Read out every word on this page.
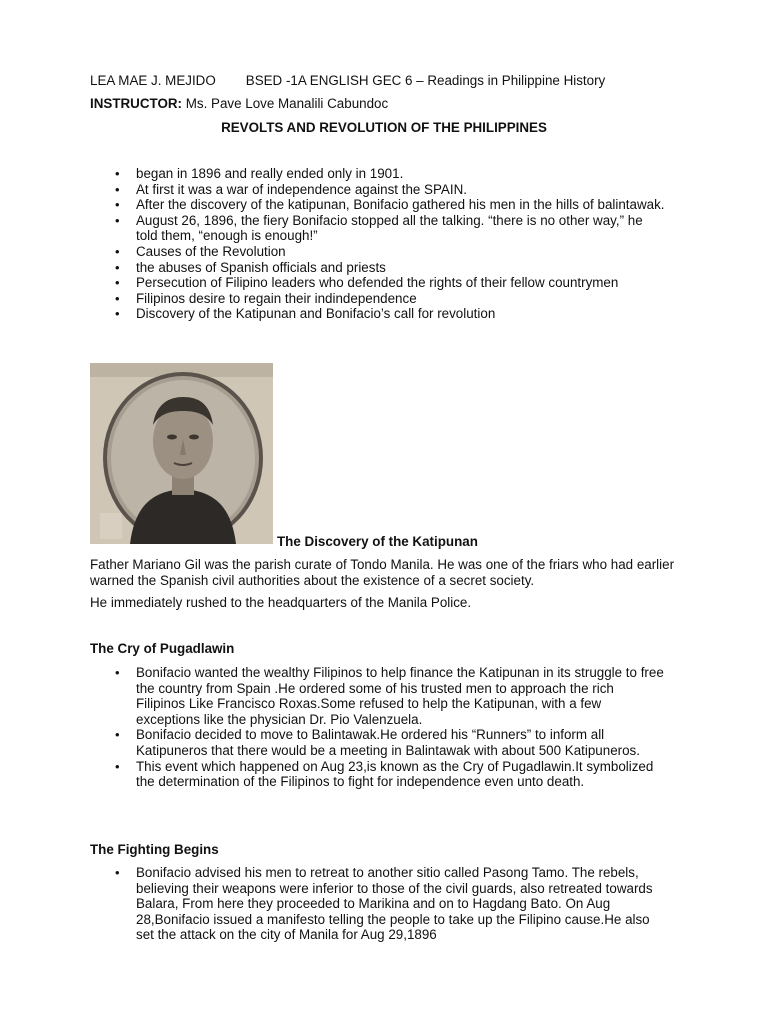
LEA MAE J. MEJIDO BSED -1A ENGLISH GEC 6 – Readings in Philippine History
INSTRUCTOR: Ms. Pave Love Manalili Cabundoc
REVOLTS AND REVOLUTION OF THE PHILIPPINES
• began in 1896 and really ended only in 1901.
• At first it was a war of independence against the SPAIN.
• After the discovery of the katipunan, Bonifacio gathered his men in the hills of balintawak.
• August 26, 1896, the fiery Bonifacio stopped all the talking. “there is no other way,” he told them, “enough is enough!”
• Causes of the Revolution
• the abuses of Spanish officials and priests
• Persecution of Filipino leaders who defended the rights of their fellow countrymen
• Filipinos desire to regain their indindependence
• Discovery of the Katipunan and Bonifacio’s call for revolution
The Discovery of the Katipunan
Father Mariano Gil was the parish curate of Tondo Manila. He was one of the friars who had earlier warned the Spanish civil authorities about the existence of a secret society.
He immediately rushed to the headquarters of the Manila Police.
The Cry of Pugadlawin
• Bonifacio wanted the wealthy Filipinos to help finance the Katipunan in its struggle to free the country from Spain .He ordered some of his trusted men to approach the rich Filipinos Like Francisco Roxas.Some refused to help the Katipunan, with a few exceptions like the physician Dr. Pio Valenzuela.
• Bonifacio decided to move to Balintawak.He ordered his “Runners” to inform all Katipuneros that there would be a meeting in Balintawak with about 500 Katipuneros.
• This event which happened on Aug 23,is known as the Cry of Pugadlawin.It symbolized the determination of the Filipinos to fight for independence even unto death.
The Fighting Begins
• Bonifacio advised his men to retreat to another sitio called Pasong Tamo. The rebels, believing their weapons were inferior to those of the civil guards, also retreated towards Balara, From here they proceeded to Marikina and on to Hagdang Bato. On Aug 28,Bonifacio issued a manifesto telling the people to take up the Filipino cause.He also set the attack on the city of Manila for Aug 29,1896
